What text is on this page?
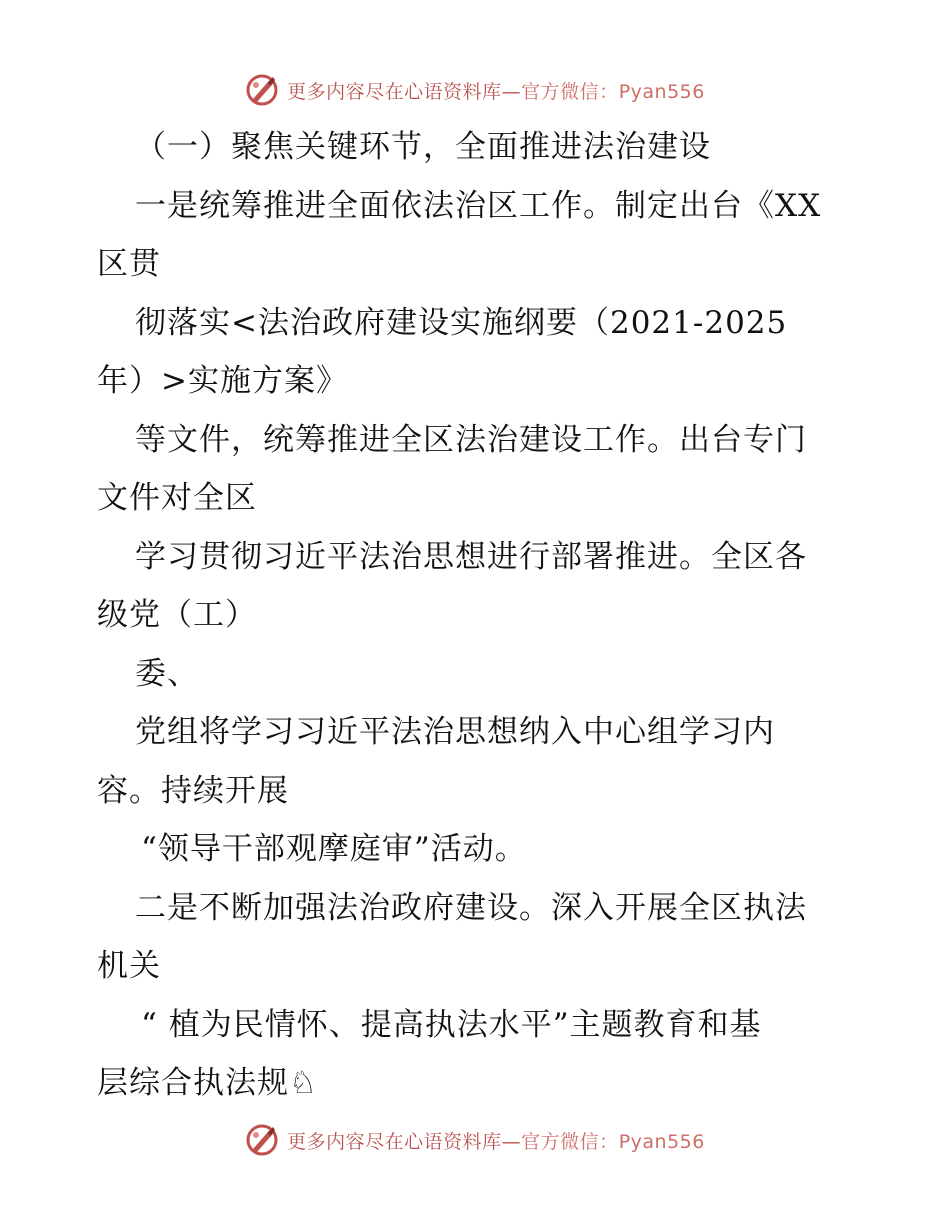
更多内容尽在心语资料库—官方微信：Pyan556
（一）聚焦关键环节，全面推进法治建设
一是统筹推进全面依法治区工作。制定出台《XX
区贯
彻落实<法治政府建设实施纲要（2021-2025
年）>实施方案》
等文件，统筹推进全区法治建设工作。出台专门
文件对全区
学习贯彻习近平法治思想进行部署推进。全区各
级党（工）
委、
党组将学习习近平法治思想纳入中心组学习内
容。持续开展
“领导干部观摩庭审”活动。
二是不断加强法治政府建设。深入开展全区执法
机关
“ 植为民情怀、提高执法水平”主题教育和基
层综合执法规♘
更多内容尽在心语资料库—官方微信：Pyan556
